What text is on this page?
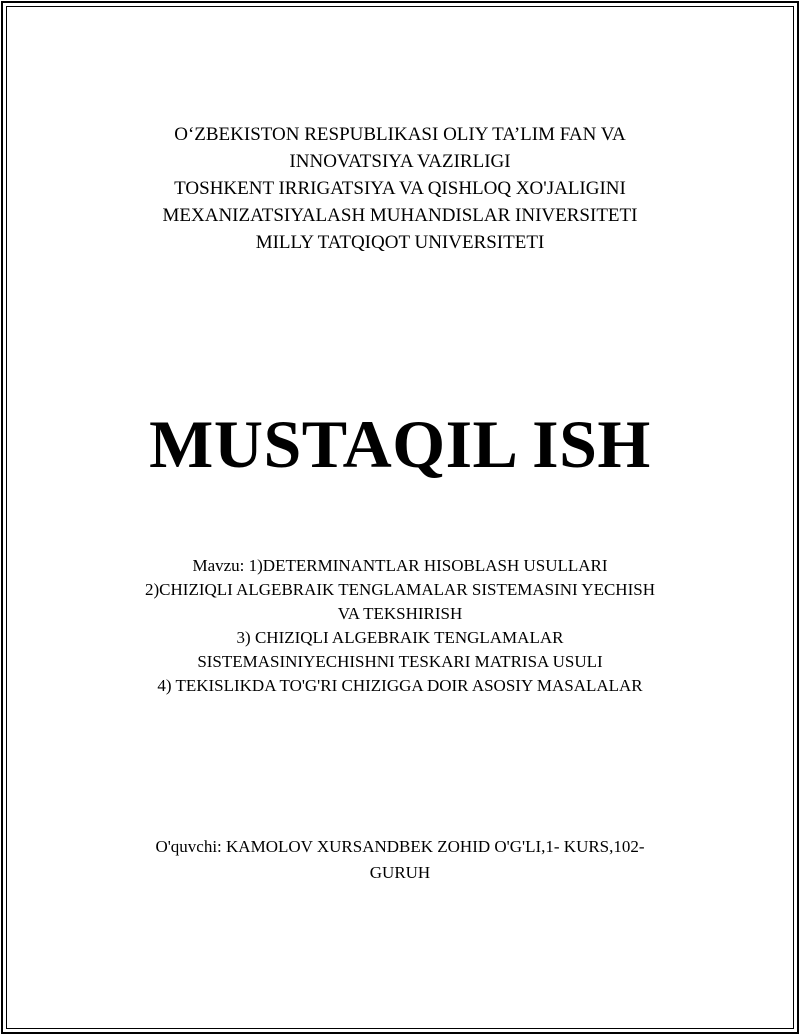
O‘ZBEKISTON RESPUBLIKASI OLIY TA’LIM FAN VA
INNOVATSIYA VAZIRLIGI
TOSHKENT IRRIGATSIYA VA QISHLOQ XO'JALIGINI
MEXANIZATSIYALASH MUHANDISLAR INIVERSITETI
MILLY TATQIQOT UNIVERSITETI
MUSTAQIL ISH
Mavzu: 1)DETERMINANTLAR HISOBLASH USULLARI
2)CHIZIQLI ALGEBRAIK TENGLAMALAR SISTEMASINI YECHISH
VA TEKSHIRISH
3) CHIZIQLI ALGEBRAIK TENGLAMALAR
SISTEMASINIYECHISHNI TESKARI MATRISA USULI
4) TEKISLIKDA TO'G'RI CHIZIGGA DOIR ASOSIY MASALALAR
O'quvchi: KAMOLOV XURSANDBEK ZOHID O'G'LI,1- KURS,102-
GURUH
